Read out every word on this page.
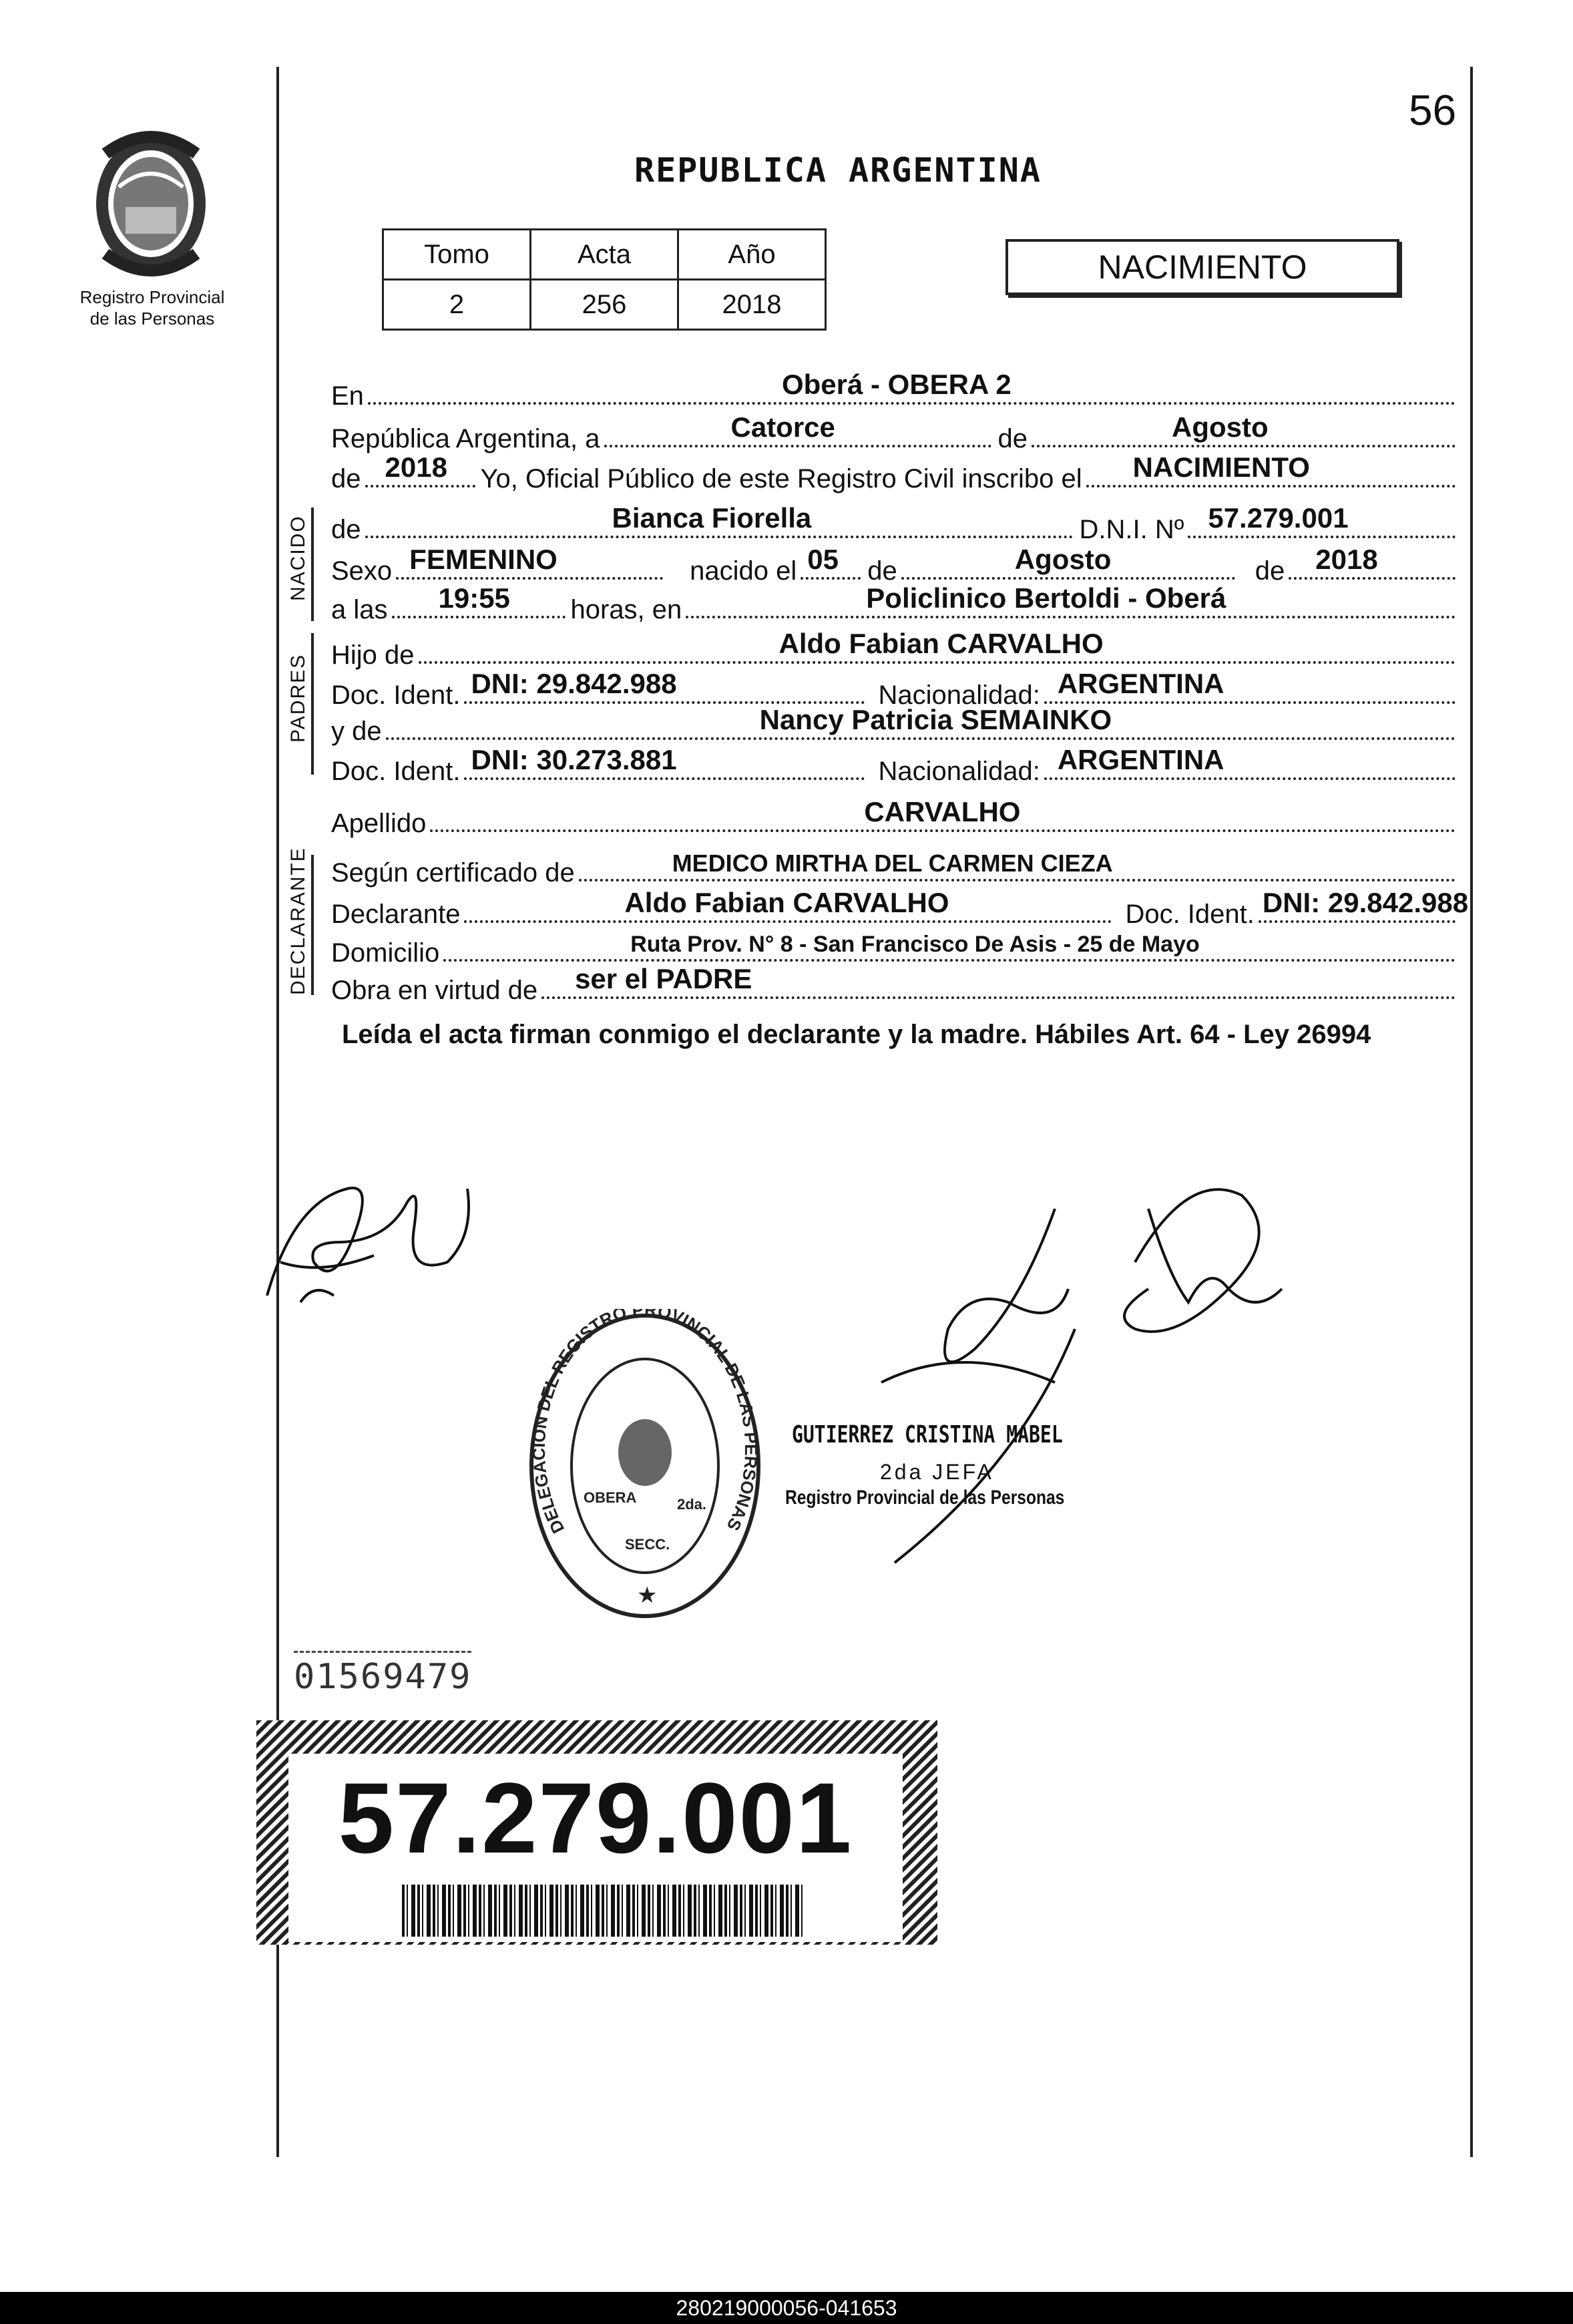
56
Registro Provincial
de las Personas
REPUBLICA ARGENTINA
Tomo	Acta	Año
2	256	2018
NACIMIENTO
En	Oberá - OBERA 2
República Argentina, a	Catorce	de	Agosto
de 2018 Yo, Oficial Público de este Registro Civil inscribo el NACIMIENTO
de	Bianca Fiorella	D.N.I. Nº 57.279.001
Sexo FEMENINO	nacido el 05 de	Agosto	de 2018
a las 19:55 horas, en	Policlinico Bertoldi - Oberá
Hijo de	Aldo Fabian CARVALHO
Doc. Ident. DNI: 29.842.988	Nacionalidad: ARGENTINA
y de	Nancy Patricia SEMAINKO
Doc. Ident. DNI: 30.273.881	Nacionalidad: ARGENTINA
Apellido	CARVALHO
Según certificado de	MEDICO MIRTHA DEL CARMEN CIEZA
Declarante	Aldo Fabian CARVALHO	Doc. Ident. DNI: 29.842.988
Domicilio	Ruta Prov. N° 8 - San Francisco De Asis - 25 de Mayo
Obra en virtud de ser el PADRE
NACIDO
PADRES
DECLARANTE
Leída el acta firman conmigo el declarante y la madre. Hábiles Art. 64 - Ley 26994
DELEGACION DEL REGISTRO PROVINCIAL DE LAS PERSONAS
OBERA
SECC.
2da.
★
GUTIERREZ CRISTINA MABEL
2da JEFA
Registro Provincial de las Personas
01569479
57.279.001
280219000056-041653
